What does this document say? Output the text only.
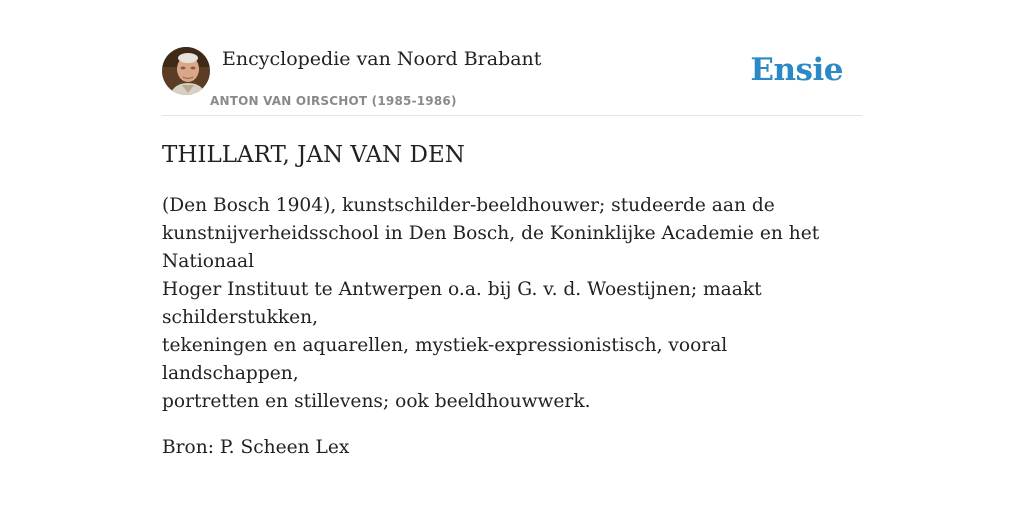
Encyclopedie van Noord Brabant
ANTON VAN OIRSCHOT (1985-1986)
Ensie
THILLART, JAN VAN DEN

(Den Bosch 1904), kunstschilder-beeldhouwer; studeerde aan de
kunstnijverheidsschool in Den Bosch, de Koninklijke Academie en het Nationaal
Hoger Instituut te Antwerpen o.a. bij G. v. d. Woestijnen; maakt schilderstukken,
tekeningen en aquarellen, mystiek-expressionistisch, vooral landschappen,
portretten en stillevens; ook beeldhouwwerk.

Bron: P. Scheen Lex
